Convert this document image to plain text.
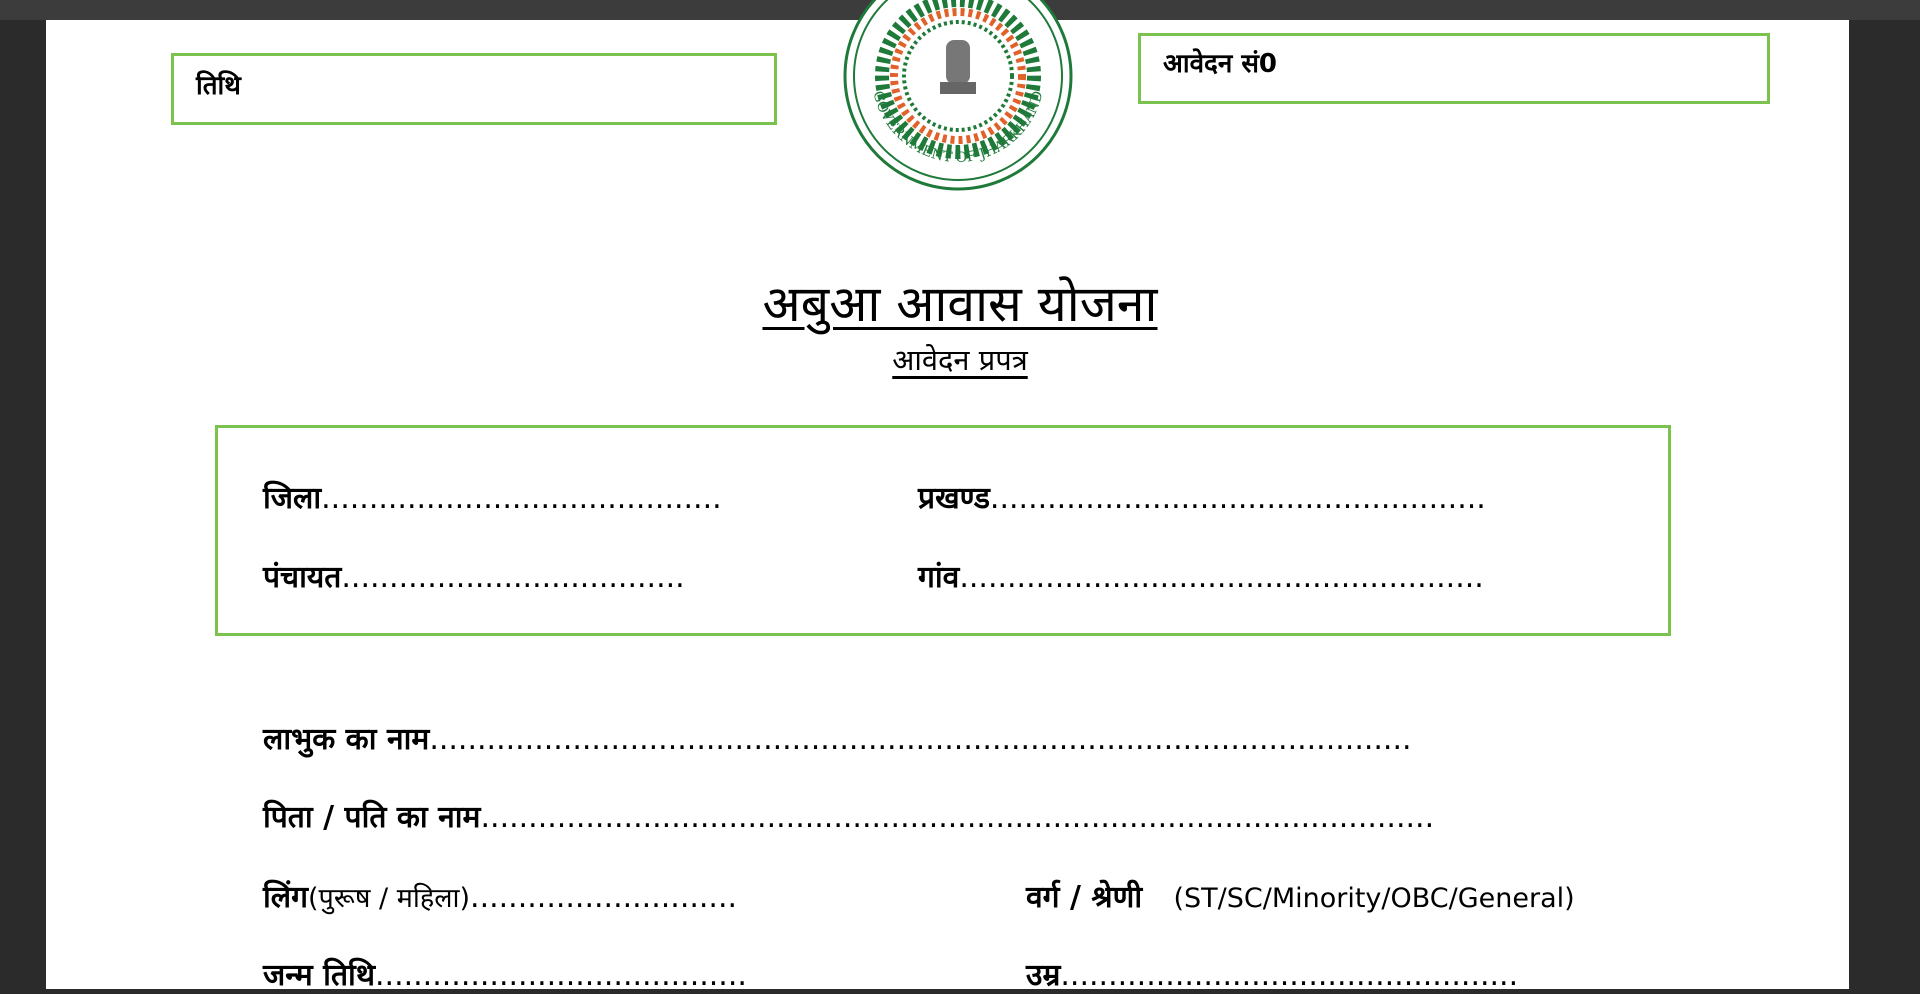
तिथि
आवेदन सं0
GOVERNMENT OF JHARKHAND
अबुआ आवास योजना
आवेदन प्रपत्र
जिला..........................................	प्रखण्ड....................................................
पंचायत....................................	गांव.......................................................
लाभुक का नाम.......................................................................................................
पिता / पति का नाम....................................................................................................
लिंग(पुरूष / महिला)............................	वर्ग / श्रेणी (ST/SC/Minority/OBC/General)
जन्म तिथि.......................................	उम्र................................................
